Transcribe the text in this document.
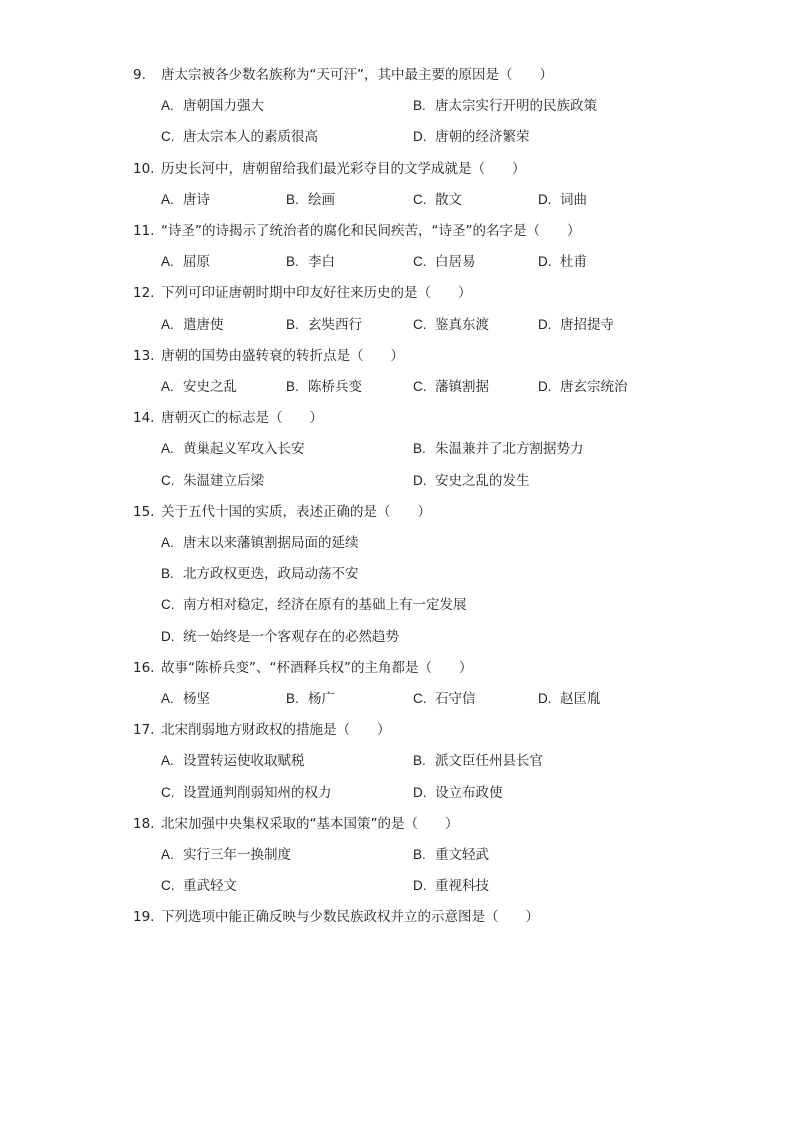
9.	唐太宗被各少数名族称为“天可汗”，其中最主要的原因是（　　）
A. 唐朝国力强大	B. 唐太宗实行开明的民族政策
C. 唐太宗本人的素质很高	D. 唐朝的经济繁荣
10. 历史长河中，唐朝留给我们最光彩夺目的文学成就是（　　）
A. 唐诗	B. 绘画	C. 散文	D. 词曲
11. “诗圣”的诗揭示了统治者的腐化和民间疾苦，“诗圣”的名字是（　　）
A. 屈原	B. 李白	C. 白居易	D. 杜甫
12. 下列可印证唐朝时期中印友好往来历史的是（　　）
A. 遣唐使	B. 玄奘西行	C. 鉴真东渡	D. 唐招提寺
13. 唐朝的国势由盛转衰的转折点是（　　）
A. 安史之乱	B. 陈桥兵变	C. 藩镇割据	D. 唐玄宗统治
14. 唐朝灭亡的标志是（　　）
A. 黄巢起义军攻入长安	B. 朱温兼并了北方割据势力
C. 朱温建立后梁	D. 安史之乱的发生
15. 关于五代十国的实质，表述正确的是（　　）
A. 唐末以来藩镇割据局面的延续
B. 北方政权更迭，政局动荡不安
C. 南方相对稳定，经济在原有的基础上有一定发展
D. 统一始终是一个客观存在的必然趋势
16. 故事“陈桥兵变”、“杯酒释兵权”的主角都是（　　）
A. 杨坚	B. 杨广	C. 石守信	D. 赵匡胤
17. 北宋削弱地方财政权的措施是（　　）
A. 设置转运使收取赋税	B. 派文臣任州县长官
C. 设置通判削弱知州的权力	D. 设立布政使
18. 北宋加强中央集权采取的“基本国策”的是（　　）
A. 实行三年一换制度	B. 重文轻武
C. 重武轻文	D. 重视科技
19. 下列选项中能正确反映与少数民族政权并立的示意图是（　　）
